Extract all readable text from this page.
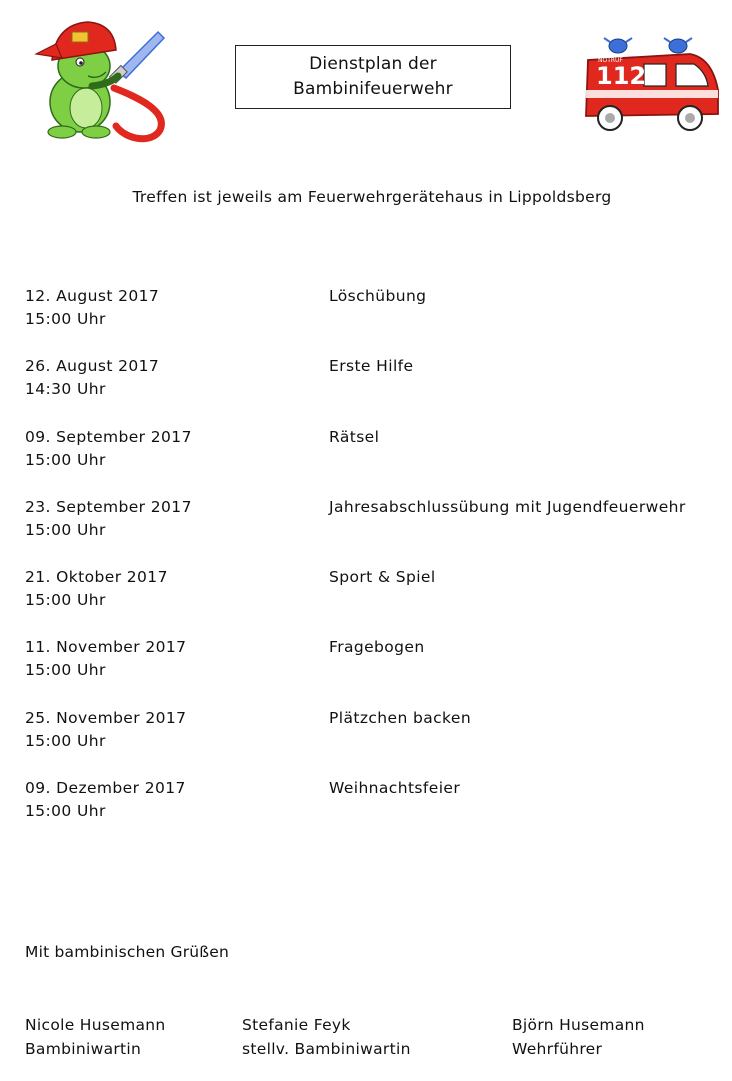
Dienstplan der
Bambinifeuerwehr	112
NOTRUF
Treffen ist jeweils am Feuerwehrgerätehaus in Lippoldsberg
12. August 2017
15:00 Uhr
Löschübung
26. August 2017
14:30 Uhr
Erste Hilfe
09. September 2017
15:00 Uhr
Rätsel
23. September 2017
15:00 Uhr
Jahresabschlussübung mit Jugendfeuerwehr
21. Oktober 2017
15:00 Uhr
Sport & Spiel
11. November 2017
15:00 Uhr
Fragebogen
25. November 2017
15:00 Uhr
Plätzchen backen
09. Dezember 2017
15:00 Uhr
Weihnachtsfeier
Mit bambinischen Grüßen
Nicole Husemann
Bambiniwartin
Stefanie Feyk
stellv. Bambiniwartin
Björn Husemann
Wehrführer
